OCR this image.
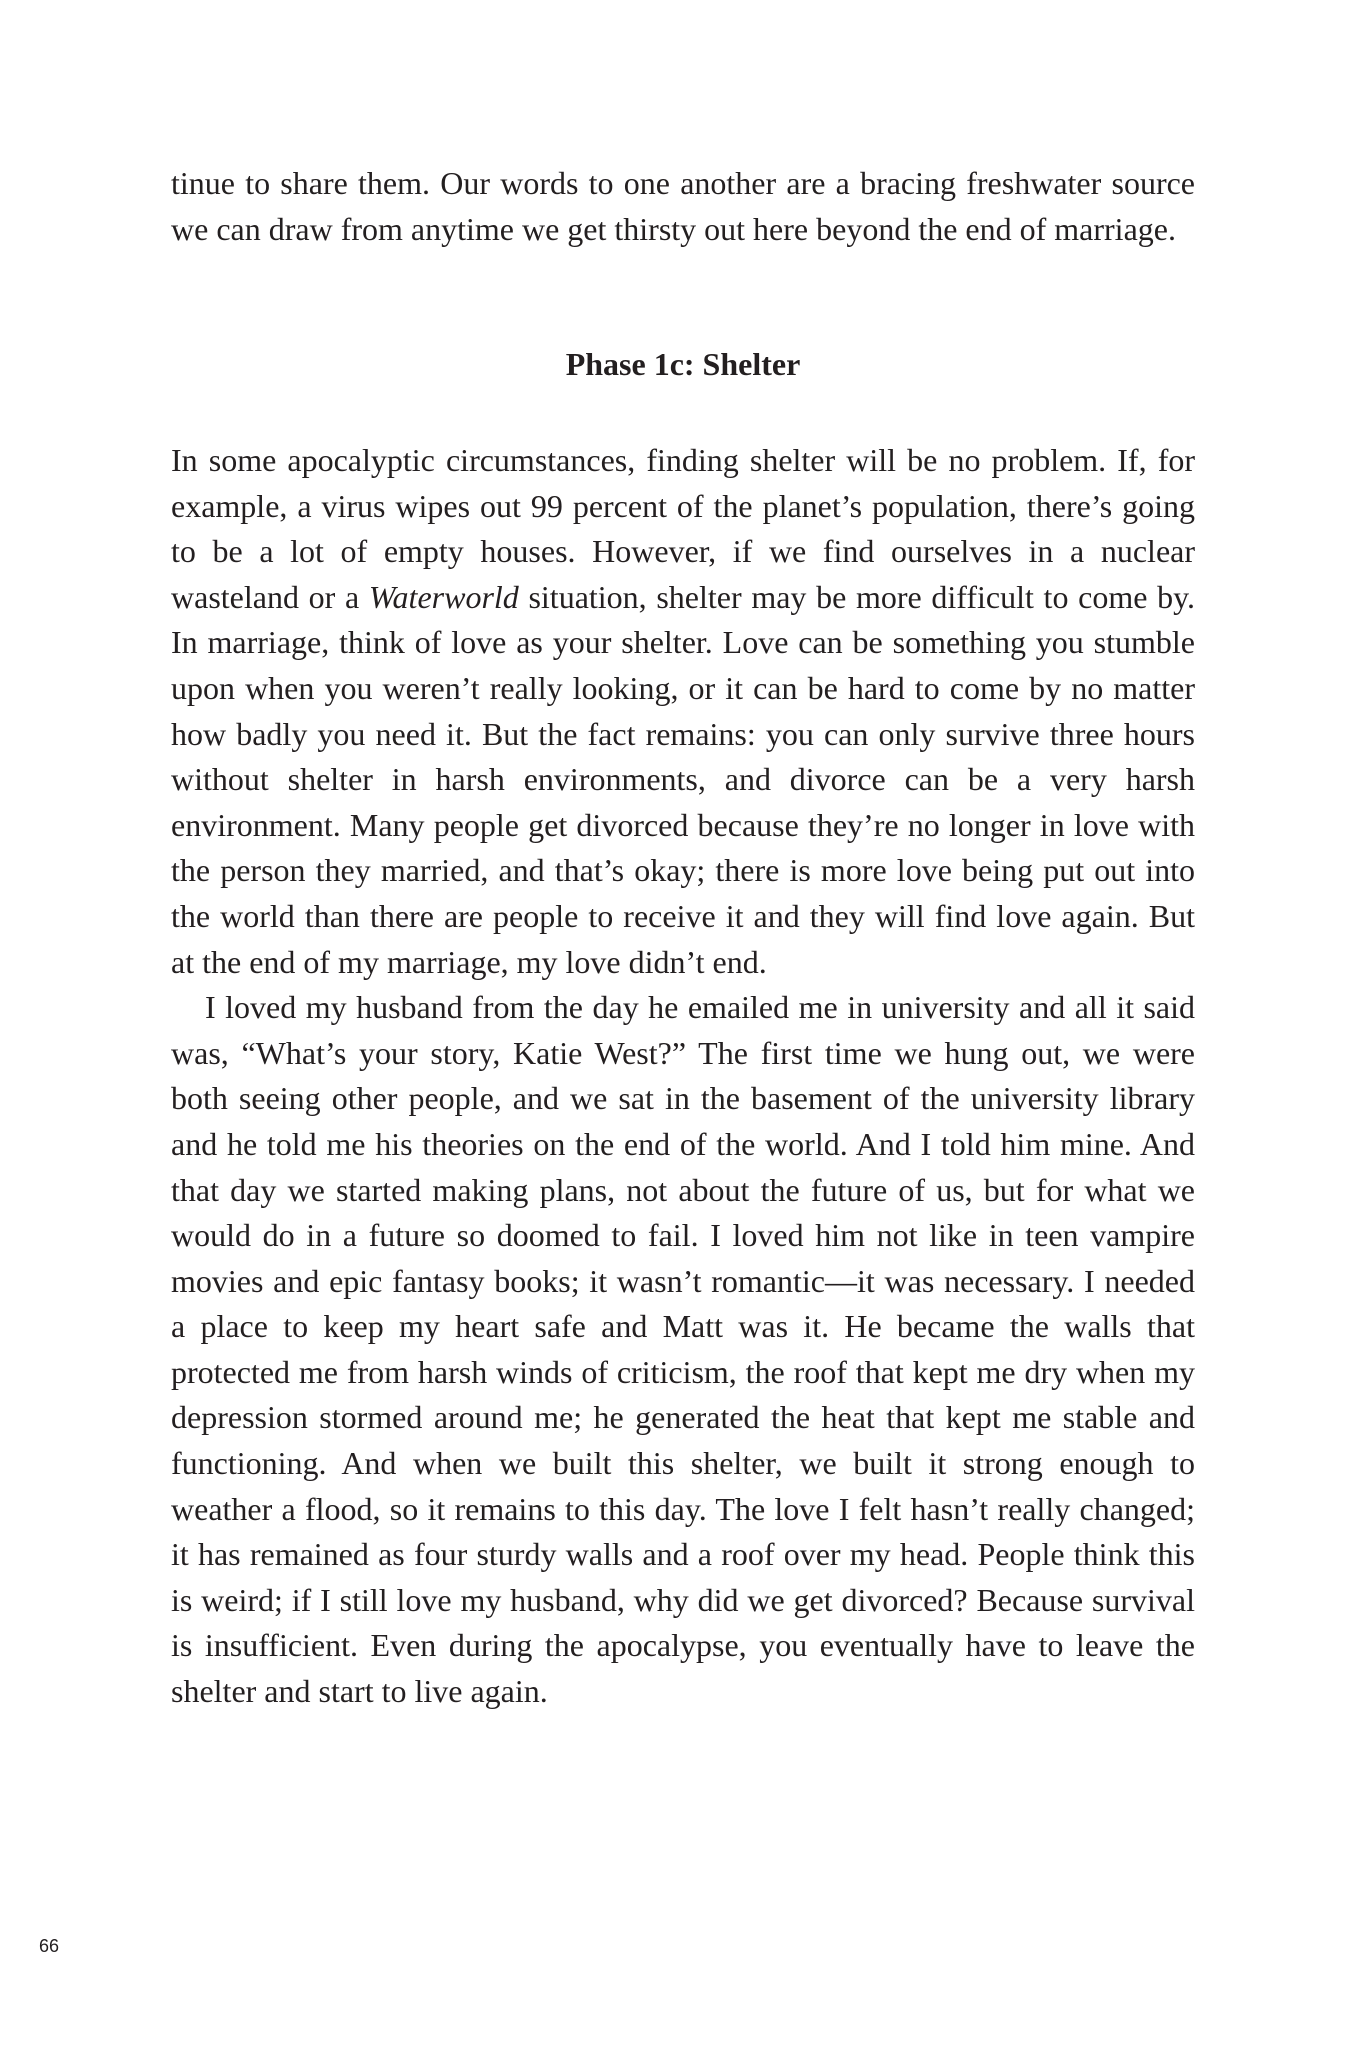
tinue to share them. Our words to one another are a bracing freshwater source we can draw from anytime we get thirsty out here beyond the end of marriage.

Phase 1c: Shelter

In some apocalyptic circumstances, finding shelter will be no problem. If, for example, a virus wipes out 99 percent of the planet’s population, there’s going to be a lot of empty houses. However, if we find ourselves in a nuclear wasteland or a Waterworld situation, shelter may be more difficult to come by. In marriage, think of love as your shelter. Love can be something you stumble upon when you weren’t really looking, or it can be hard to come by no matter how badly you need it. But the fact remains: you can only survive three hours without shelter in harsh environments, and divorce can be a very harsh environment. Many people get divorced because they’re no longer in love with the person they married, and that’s okay; there is more love being put out into the world than there are people to receive it and they will find love again. But at the end of my marriage, my love didn’t end.

I loved my husband from the day he emailed me in university and all it said was, “What’s your story, Katie West?” The first time we hung out, we were both seeing other people, and we sat in the basement of the university library and he told me his theories on the end of the world. And I told him mine. And that day we started making plans, not about the future of us, but for what we would do in a future so doomed to fail. I loved him not like in teen vampire movies and epic fantasy books; it wasn’t romantic—it was necessary. I needed a place to keep my heart safe and Matt was it. He became the walls that protected me from harsh winds of criticism, the roof that kept me dry when my depression stormed around me; he generated the heat that kept me stable and functioning. And when we built this shelter, we built it strong enough to weather a flood, so it remains to this day. The love I felt hasn’t really changed; it has remained as four sturdy walls and a roof over my head. People think this is weird; if I still love my husband, why did we get divorced? Because survival is insufficient. Even during the apocalypse, you eventually have to leave the shelter and start to live again.

66
